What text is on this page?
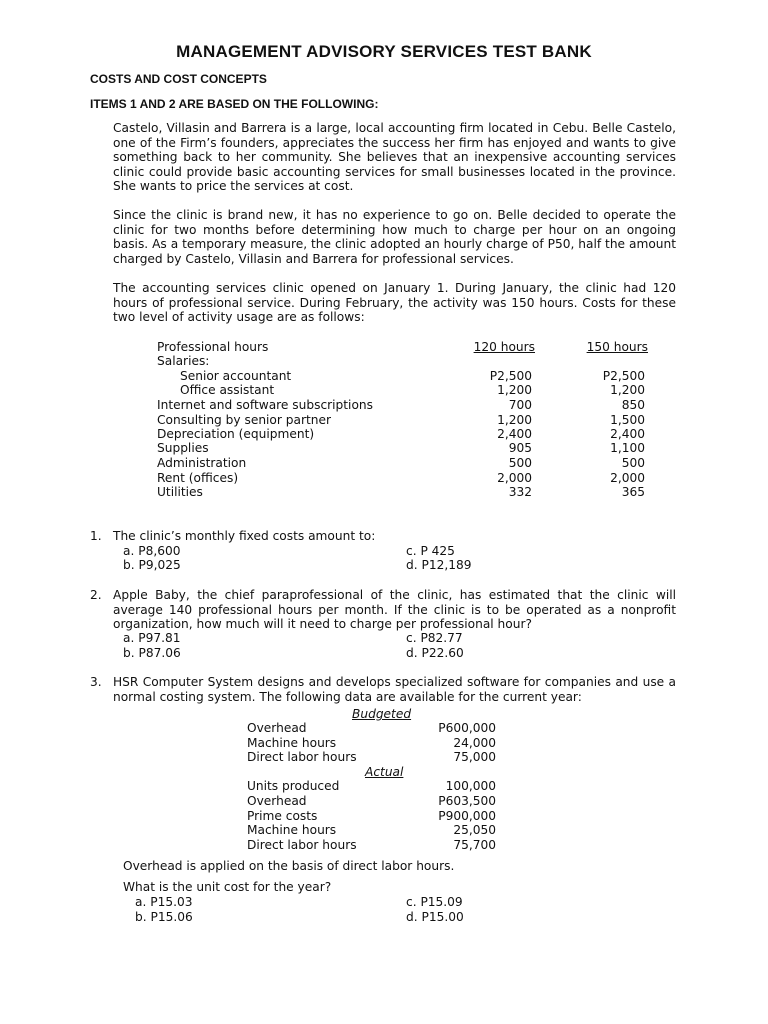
MANAGEMENT ADVISORY SERVICES TEST BANK
COSTS AND COST CONCEPTS
ITEMS 1 AND 2 ARE BASED ON THE FOLLOWING:
Castelo, Villasin and Barrera is a large, local accounting firm located in Cebu. Belle Castelo, one of the Firm’s founders, appreciates the success her firm has enjoyed and wants to give something back to her community. She believes that an inexpensive accounting services clinic could provide basic accounting services for small businesses located in the province. She wants to price the services at cost.
Since the clinic is brand new, it has no experience to go on. Belle decided to operate the clinic for two months before determining how much to charge per hour on an ongoing basis. As a temporary measure, the clinic adopted an hourly charge of P50, half the amount charged by Castelo, Villasin and Barrera for professional services.
The accounting services clinic opened on January 1. During January, the clinic had 120 hours of professional service. During February, the activity was 150 hours. Costs for these two level of activity usage are as follows:
Professional hours	120 hours	150 hours
Salaries:
Senior accountant	P2,500	P2,500
Office assistant	1,200	1,200
Internet and software subscriptions	700	850
Consulting by senior partner	1,200	1,500
Depreciation (equipment)	2,400	2,400
Supplies	905	1,100
Administration	500	500
Rent (offices)	2,000	2,000
Utilities	332	365
1. The clinic’s monthly fixed costs amount to:
a. P8,600
b. P9,025
c. P 425
d. P12,189
2. Apple Baby, the chief paraprofessional of the clinic, has estimated that the clinic will average 140 professional hours per month. If the clinic is to be operated as a nonprofit organization, how much will it need to charge per professional hour?
a. P97.81
b. P87.06
c. P82.77
d. P22.60
3. HSR Computer System designs and develops specialized software for companies and use a normal costing system. The following data are available for the current year:
Budgeted
Overhead	P600,000
Machine hours	24,000
Direct labor hours	75,000
Actual
Units produced	100,000
Overhead	P603,500
Prime costs	P900,000
Machine hours	25,050
Direct labor hours	75,700
Overhead is applied on the basis of direct labor hours.
What is the unit cost for the year?
a. P15.03
b. P15.06
c. P15.09
d. P15.00
